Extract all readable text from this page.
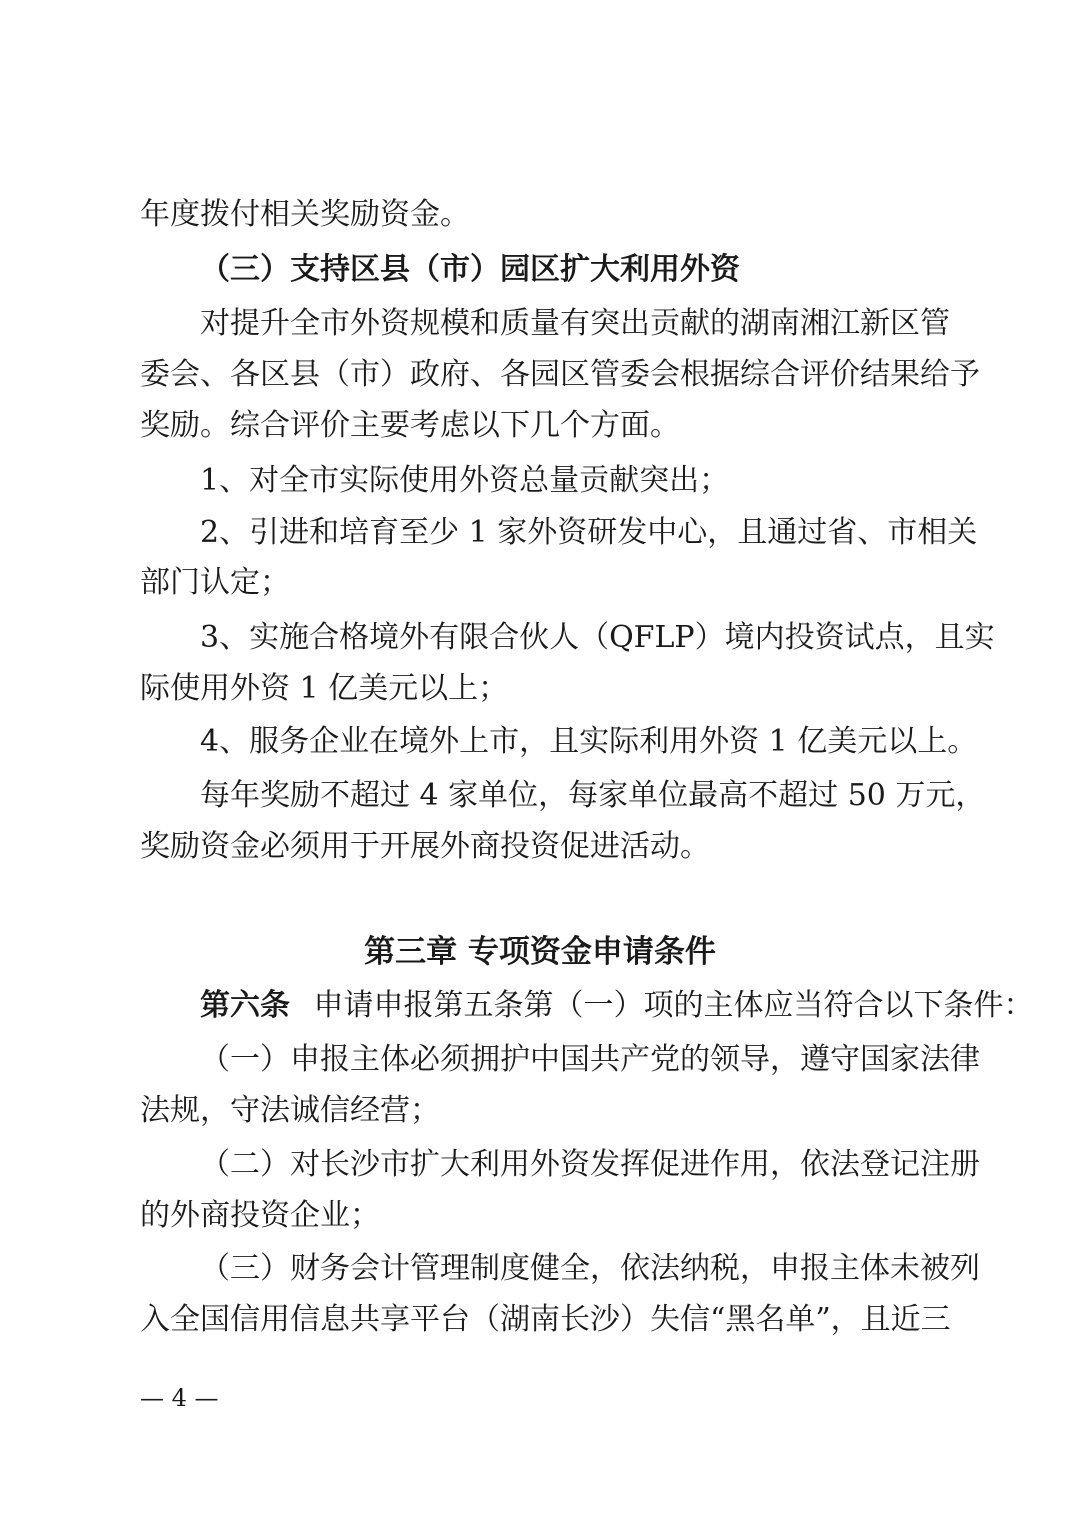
年度拨付相关奖励资金。
（三）支持区县（市）园区扩大利用外资
对提升全市外资规模和质量有突出贡献的湖南湘江新区管
委会、各区县（市）政府、各园区管委会根据综合评价结果给予
奖励。综合评价主要考虑以下几个方面。
1、对全市实际使用外资总量贡献突出；
2、引进和培育至少 1 家外资研发中心，且通过省、市相关
部门认定；
3、实施合格境外有限合伙人（QFLP）境内投资试点，且实
际使用外资 1 亿美元以上；
4、服务企业在境外上市，且实际利用外资 1 亿美元以上。
每年奖励不超过 4 家单位，每家单位最高不超过 50 万元，
奖励资金必须用于开展外商投资促进活动。
第三章 专项资金申请条件
第六条 申请申报第五条第（一）项的主体应当符合以下条件：
（一）申报主体必须拥护中国共产党的领导，遵守国家法律
法规，守法诚信经营；
（二）对长沙市扩大利用外资发挥促进作用，依法登记注册
的外商投资企业；
（三）财务会计管理制度健全，依法纳税，申报主体未被列
入全国信用信息共享平台（湖南长沙）失信“黑名单”，且近三
— 4 —
